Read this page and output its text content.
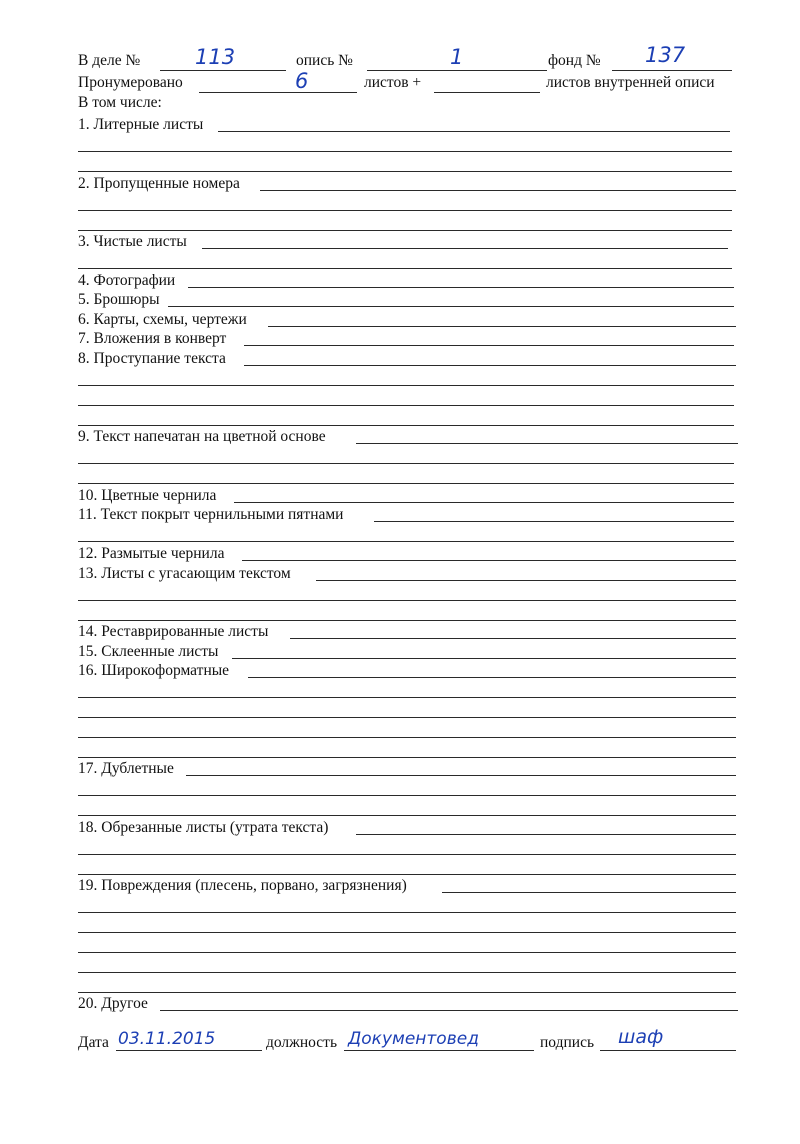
В деле №	113	опись №	1	фонд № 137
Пронумеровано	6	листов +	листов внутренней описи
В том числе:
1. Литерные листы
2. Пропущенные номера
3. Чистые листы
4. Фотографии
5. Брошюры
6. Карты, схемы, чертежи
7. Вложения в конверт
8. Проступание текста
9. Текст напечатан на цветной основе
10. Цветные чернила
11. Текст покрыт чернильными пятнами
12. Размытые чернила
13. Листы с угасающим текстом
14. Реставрированные листы
15. Склеенные листы
16. Широкоформатные
17. Дублетные
18. Обрезанные листы (утрата текста)
19. Повреждения (плесень, порвано, загрязнения)
20. Другое
Дата 03.11.2015	должность Документовед	подпись шаф
